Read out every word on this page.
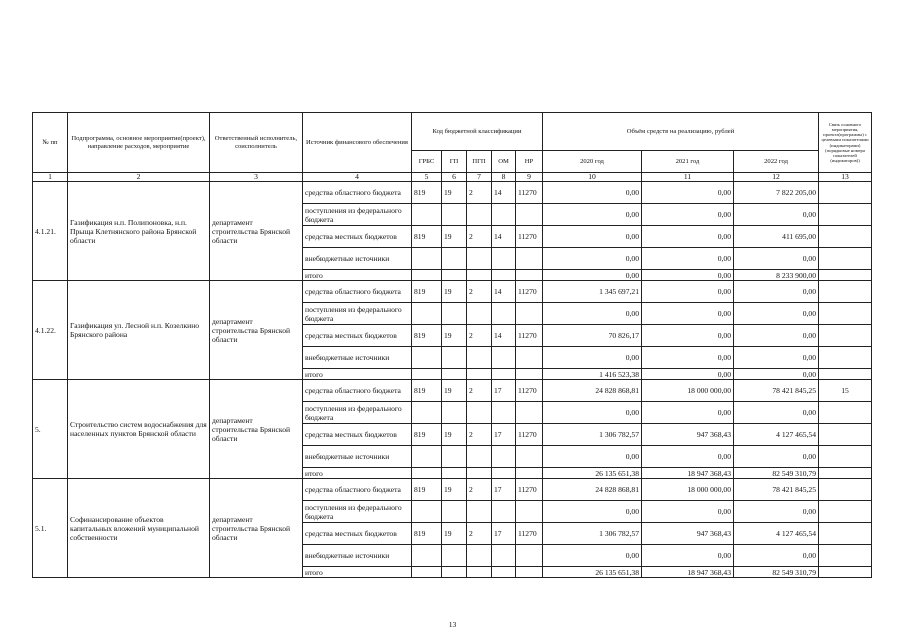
№ пп	Подпрограмма, основное мероприятие(проект), направление расходов, мероприятие	Ответственный исполнитель, соисполнитель	Источник финансового обеспечения	Код бюджетной классификации					Объём средств на реализацию, рублей			Связь основного мероприятия, проекта(программы) с целевыми показателями (индикаторами) (порядковые номера показателей (индикаторов))
				ГРБС	ГП	ПГП	ОМ	НР	2020 год	2021 год	2022 год	
1	2	3	4	5	6	7	8	9	10	11	12	13
4.1.21.	Газификация н.п. Полипоновка, н.п. Прыща Клетнянского района Брянской области	департамент строительства Брянской области	средства областного бюджета	819	19	2	14	11270	0,00	0,00	7 822 205,00	
			поступления из федерального бюджета						0,00	0,00	0,00	
			средства местных бюджетов	819	19	2	14	11270	0,00	0,00	411 695,00	
			внебюджетные источники						0,00	0,00	0,00	
			итого						0,00	0,00	8 233 900,00	
4.1.22.	Газификация ул. Лесной н.п. Козелкино Брянского района	департамент строительства Брянской области	средства областного бюджета	819	19	2	14	11270	1 345 697,21	0,00	0,00	
			поступления из федерального бюджета						0,00	0,00	0,00	
			средства местных бюджетов	819	19	2	14	11270	70 826,17	0,00	0,00	
			внебюджетные источники						0,00	0,00	0,00	
			итого						1 416 523,38	0,00	0,00	
5.	Строительство систем водоснабжения для населенных пунктов Брянской области	департамент строительства Брянской области	средства областного бюджета	819	19	2	17	11270	24 828 868,81	18 000 000,00	78 421 845,25	15
			поступления из федерального бюджета						0,00	0,00	0,00	
			средства местных бюджетов	819	19	2	17	11270	1 306 782,57	947 368,43	4 127 465,54	
			внебюджетные источники						0,00	0,00	0,00	
			итого						26 135 651,38	18 947 368,43	82 549 310,79	
5.1.	Софинансирование объектов капитальных вложений муниципальной собственности	департамент строительства Брянской области	средства областного бюджета	819	19	2	17	11270	24 828 868,81	18 000 000,00	78 421 845,25	
			поступления из федерального бюджета						0,00	0,00	0,00	
			средства местных бюджетов	819	19	2	17	11270	1 306 782,57	947 368,43	4 127 465,54	
			внебюджетные источники						0,00	0,00	0,00	
			итого						26 135 651,38	18 947 368,43	82 549 310,79	
13
